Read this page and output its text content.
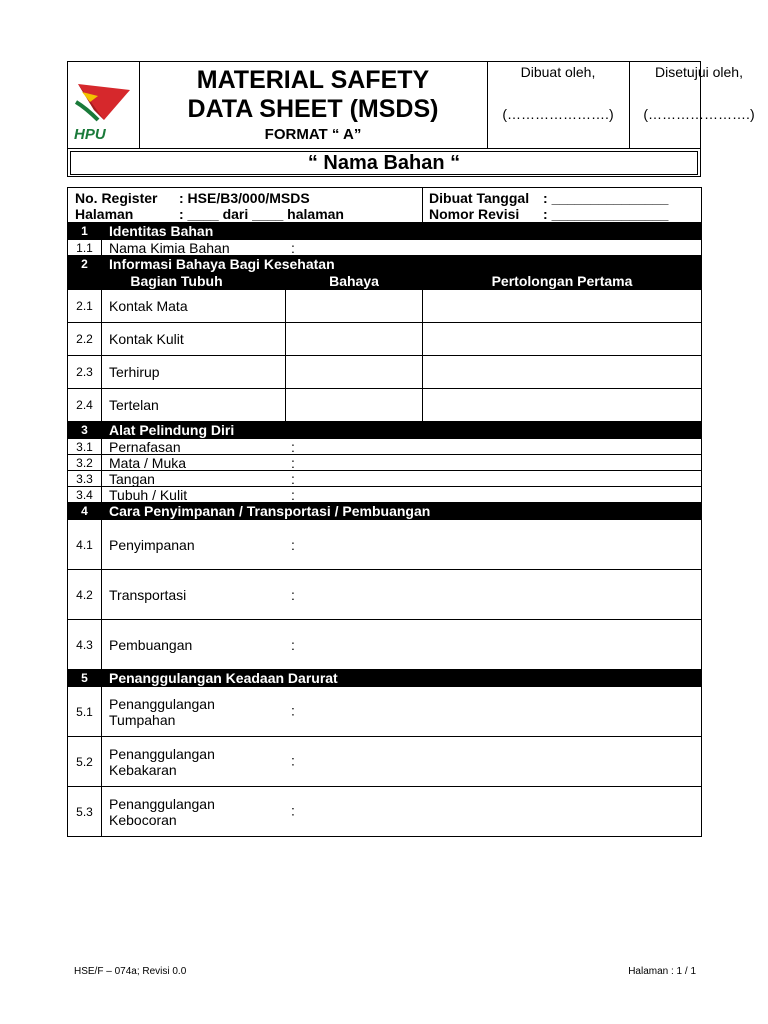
HPU
MATERIAL SAFETY
DATA SHEET (MSDS)
FORMAT “ A”
Dibuat oleh,
(………………….)
Disetujui oleh,
(………………….)
“ Nama Bahan “
No. Register : HSE/B3/000/MSDS
Halaman : ____ dari ____ halaman			Dibuat Tanggal : _______________
Nomor Revisi : _______________
1	Identitas Bahan		
1.1	Nama Kimia Bahan :		
2	Informasi Bahaya Bagi Kesehatan		
Bagian Tubuh		Bahaya	Pertolongan Pertama
2.1	Kontak Mata		
2.2	Kontak Kulit		
2.3	Terhirup		
2.4	Tertelan		
3	Alat Pelindung Diri		
3.1	Pernafasan :		
3.2	Mata / Muka :		
3.3	Tangan :		
3.4	Tubuh / Kulit :		
4	Cara Penyimpanan / Transportasi / Pembuangan		
4.1	Penyimpanan :		
4.2	Transportasi :		
4.3	Pembuangan :		
5	Penanggulangan Keadaan Darurat		
5.1	Penanggulangan
Tumpahan:		
5.2	Penanggulangan
Kebakaran:		
5.3	Penanggulangan
Kebocoran:		
HSE/F – 074a; Revisi 0.0	Halaman : 1 / 1
